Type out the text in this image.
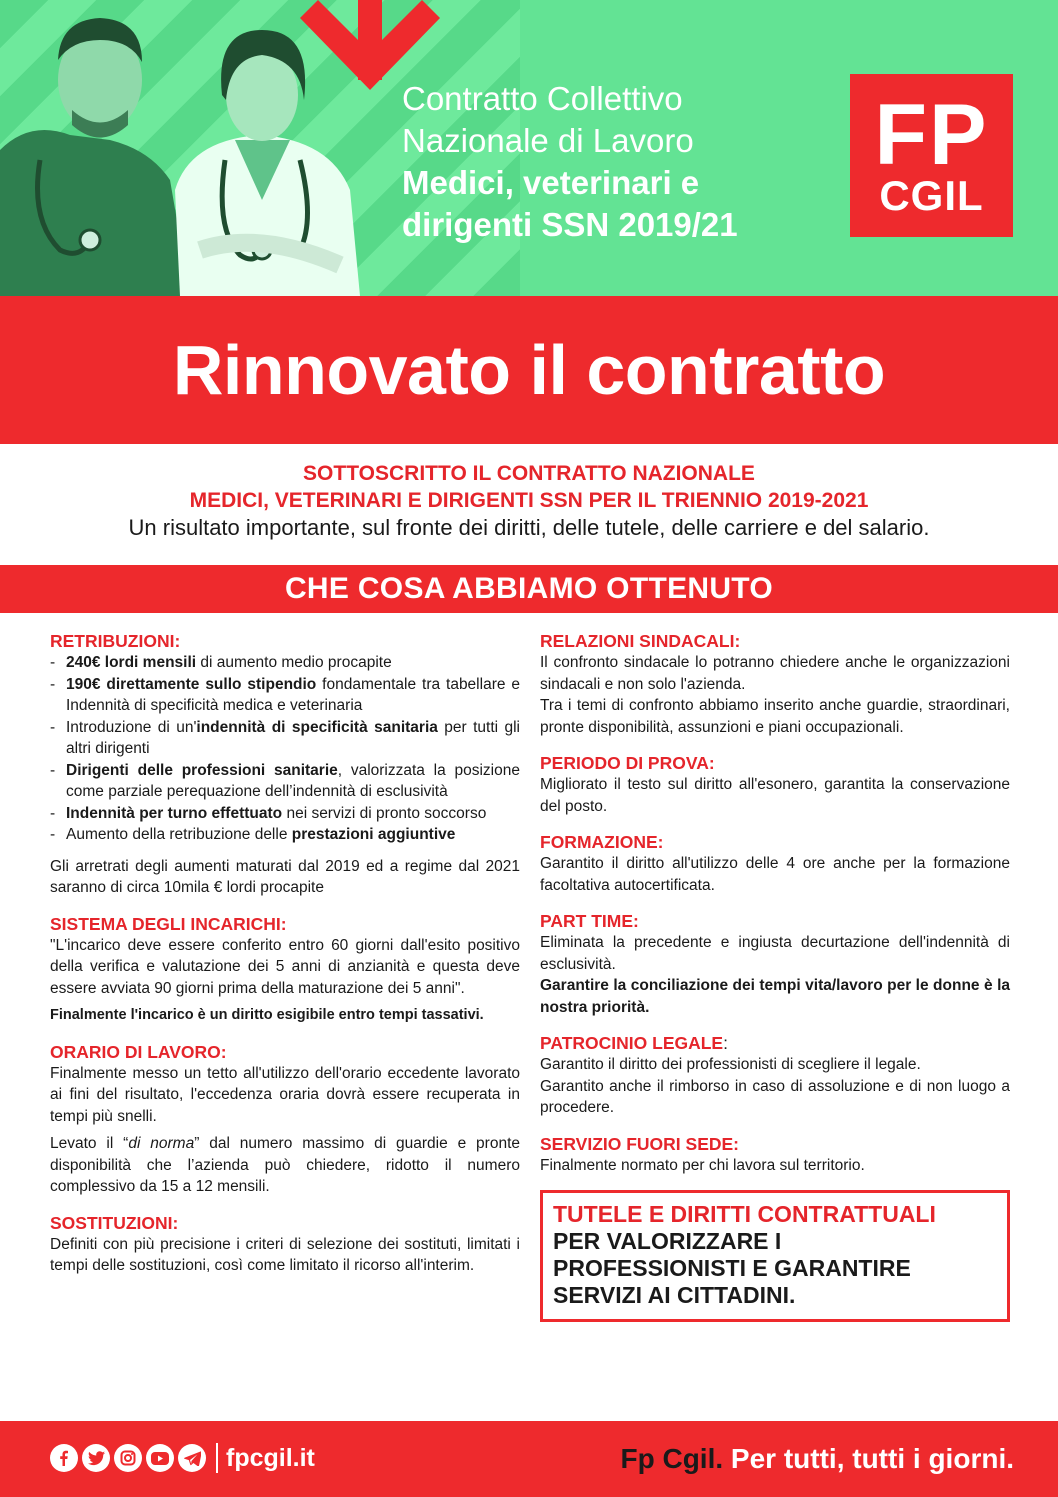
Contratto Collettivo
Nazionale di Lavoro
Medici, veterinari e
dirigenti SSN 2019/21
FP
CGIL
Rinnovato il contratto
SOTTOSCRITTO IL CONTRATTO NAZIONALE
MEDICI, VETERINARI E DIRIGENTI SSN PER IL TRIENNIO 2019-2021
Un risultato importante, sul fronte dei diritti, delle tutele, delle carriere e del salario.
CHE COSA ABBIAMO OTTENUTO
RETRIBUZIONI:
- 240€ lordi mensili di aumento medio procapite
- 190€ direttamente sullo stipendio fondamentale tra tabellare e Indennità di specificità medica e veterinaria
- Introduzione di un'indennità di specificità sanitaria per tutti gli altri dirigenti
- Dirigenti delle professioni sanitarie, valorizzata la posizione come parziale perequazione dell’indennità di esclusività
- Indennità per turno effettuato nei servizi di pronto soccorso
- Aumento della retribuzione delle prestazioni aggiuntive

Gli arretrati degli aumenti maturati dal 2019 ed a regime dal 2021 saranno di circa 10mila € lordi procapite

SISTEMA DEGLI INCARICHI:

"L'incarico deve essere conferito entro 60 giorni dall'esito positivo della verifica e valutazione dei 5 anni di anzianità e questa deve essere avviata 90 giorni prima della maturazione dei 5 anni".

Finalmente l'incarico è un diritto esigibile entro tempi tassativi.

ORARIO DI LAVORO:

Finalmente messo un tetto all'utilizzo dell'orario eccedente lavorato ai fini del risultato, l'eccedenza oraria dovrà essere recuperata in tempi più snelli.

Levato il “di norma” dal numero massimo di guardie e pronte disponibilità che l’azienda può chiedere, ridotto il numero complessivo da 15 a 12 mensili.

SOSTITUZIONI:

Definiti con più precisione i criteri di selezione dei sostituti, limitati i tempi delle sostituzioni, così come limitato il ricorso all'interim.

RELAZIONI SINDACALI:

Il confronto sindacale lo potranno chiedere anche le organizzazioni sindacali e non solo l'azienda.

Tra i temi di confronto abbiamo inserito anche guardie, straordinari, pronte disponibilità, assunzioni e piani occupazionali.

PERIODO DI PROVA:

Migliorato il testo sul diritto all'esonero, garantita la conservazione del posto.

FORMAZIONE:

Garantito il diritto all'utilizzo delle 4 ore anche per la formazione facoltativa autocertificata.

PART TIME:

Eliminata la precedente e ingiusta decurtazione dell'indennità di esclusività.

Garantire la conciliazione dei tempi vita/lavoro per le donne è la nostra priorità.

PATROCINIO LEGALE:

Garantito il diritto dei professionisti di scegliere il legale.

Garantito anche il rimborso in caso di assoluzione e di non luogo a procedere.

SERVIZIO FUORI SEDE:

Finalmente normato per chi lavora sul territorio.

TUTELE E DIRITTI CONTRATTUALI
PER VALORIZZARE I
PROFESSIONISTI E GARANTIRE
SERVIZI AI CITTADINI.
fpcgil.it	Fp Cgil. Per tutti, tutti i giorni.
